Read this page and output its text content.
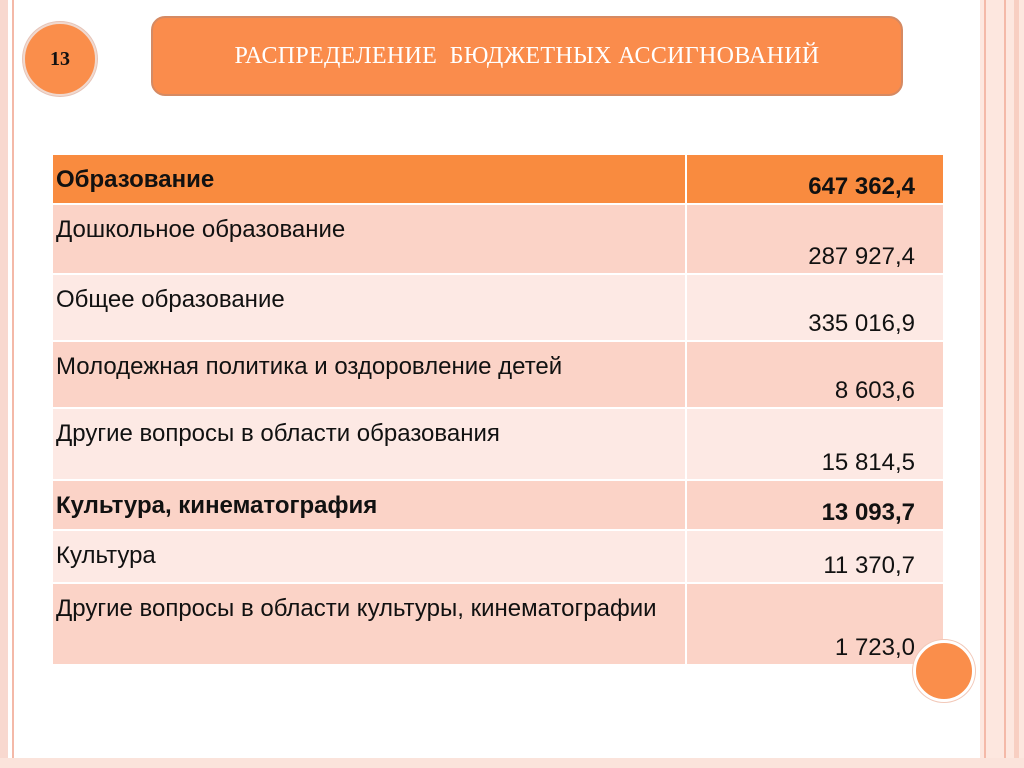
13	РАСПРЕДЕЛЕНИЕ  БЮДЖЕТНЫХ АССИГНОВАНИЙ
Образование	647 362,4

Дошкольное образование	287 927,4

Общее образование	335 016,9

Молодежная политика и оздоровление детей	8 603,6

Другие вопросы в области образования	15 814,5

Культура, кинематография	13 093,7

Культура	11 370,7

Другие вопросы в области культуры, кинематографии	1 723,0
